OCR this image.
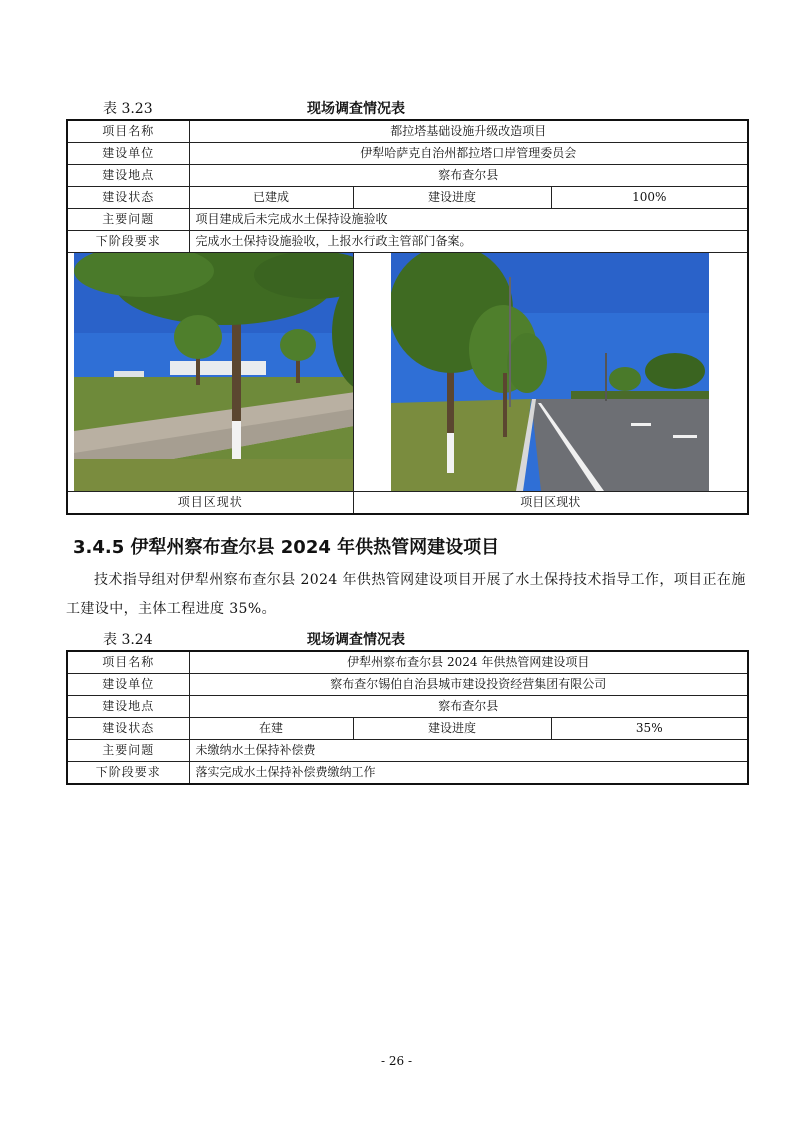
表 3.23	现场调查情况表
项目名称	都拉塔基础设施升级改造项目		
建设单位	伊犁哈萨克自治州都拉塔口岸管理委员会		
建设地点	察布查尔县		
建设状态	已建成	建设进度	100%
主要问题	项目建成后未完成水土保持设施验收		
下阶段要求	完成水土保持设施验收，上报水行政主管部门备案。		

项目区现状		项目区现状	
3.4.5 伊犁州察布查尔县 2024 年供热管网建设项目

技术指导组对伊犁州察布查尔县 2024 年供热管网建设项目开展了水土保持技术指导工作，项目正在施工建设中，主体工程进度 35%。

表 3.24	现场调查情况表
项目名称	伊犁州察布查尔县 2024 年供热管网建设项目		
建设单位	察布查尔锡伯自治县城市建设投资经营集团有限公司		
建设地点	察布查尔县		
建设状态	在建	建设进度	35%
主要问题	未缴纳水土保持补偿费		
下阶段要求	落实完成水土保持补偿费缴纳工作		
- 26 -
